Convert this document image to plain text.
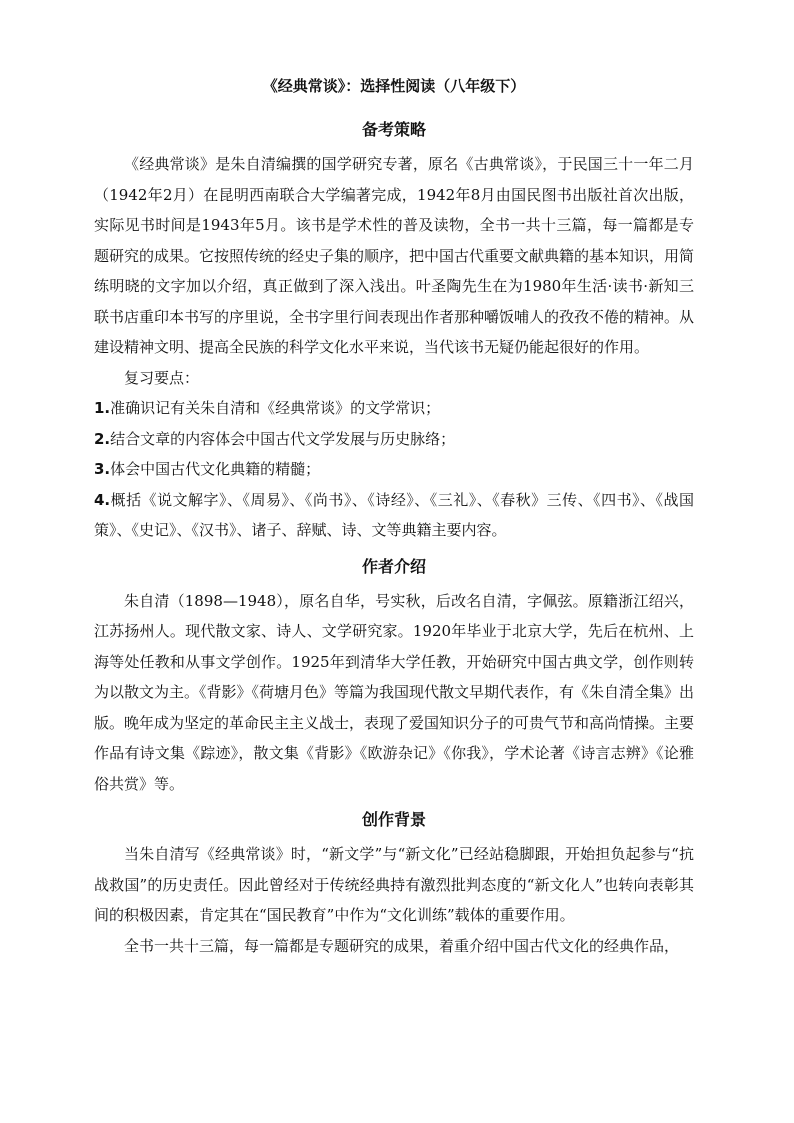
《经典常谈》：选择性阅读（八年级下）
备考策略

《经典常谈》是朱自清编撰的国学研究专著，原名《古典常谈》，于民国三十一年二月（1942年2月）在昆明西南联合大学编著完成，1942年8月由国民图书出版社首次出版，实际见书时间是1943年5月。该书是学术性的普及读物，全书一共十三篇，每一篇都是专题研究的成果。它按照传统的经史子集的顺序，把中国古代重要文献典籍的基本知识，用简练明晓的文字加以介绍，真正做到了深入浅出。叶圣陶先生在为1980年生活·读书·新知三联书店重印本书写的序里说，全书字里行间表现出作者那种嚼饭哺人的孜孜不倦的精神。从建设精神文明、提高全民族的科学文化水平来说，当代该书无疑仍能起很好的作用。

复习要点：

1.准确识记有关朱自清和《经典常谈》的文学常识；
2.结合文章的内容体会中国古代文学发展与历史脉络；
3.体会中国古代文化典籍的精髓；
4.概括《说文解字》、《周易》、《尚书》、《诗经》、《三礼》、《春秋》三传、《四书》、《战国策》、《史记》、《汉书》、诸子、辞赋、诗、文等典籍主要内容。
作者介绍

朱自清（1898—1948），原名自华，号实秋，后改名自清，字佩弦。原籍浙江绍兴，江苏扬州人。现代散文家、诗人、文学研究家。1920年毕业于北京大学，先后在杭州、上海等处任教和从事文学创作。1925年到清华大学任教，开始研究中国古典文学，创作则转为以散文为主。《背影》《荷塘月色》等篇为我国现代散文早期代表作，有《朱自清全集》出版。晚年成为坚定的革命民主主义战士，表现了爱国知识分子的可贵气节和高尚情操。主要作品有诗文集《踪迹》，散文集《背影》《欧游杂记》《你我》，学术论著《诗言志辨》《论雅俗共赏》等。

创作背景

当朱自清写《经典常谈》时，“新文学”与“新文化”已经站稳脚跟，开始担负起参与“抗战救国”的历史责任。因此曾经对于传统经典持有激烈批判态度的“新文化人”也转向表彰其间的积极因素，肯定其在“国民教育”中作为“文化训练”载体的重要作用。

全书一共十三篇，每一篇都是专题研究的成果，着重介绍中国古代文化的经典作品，
